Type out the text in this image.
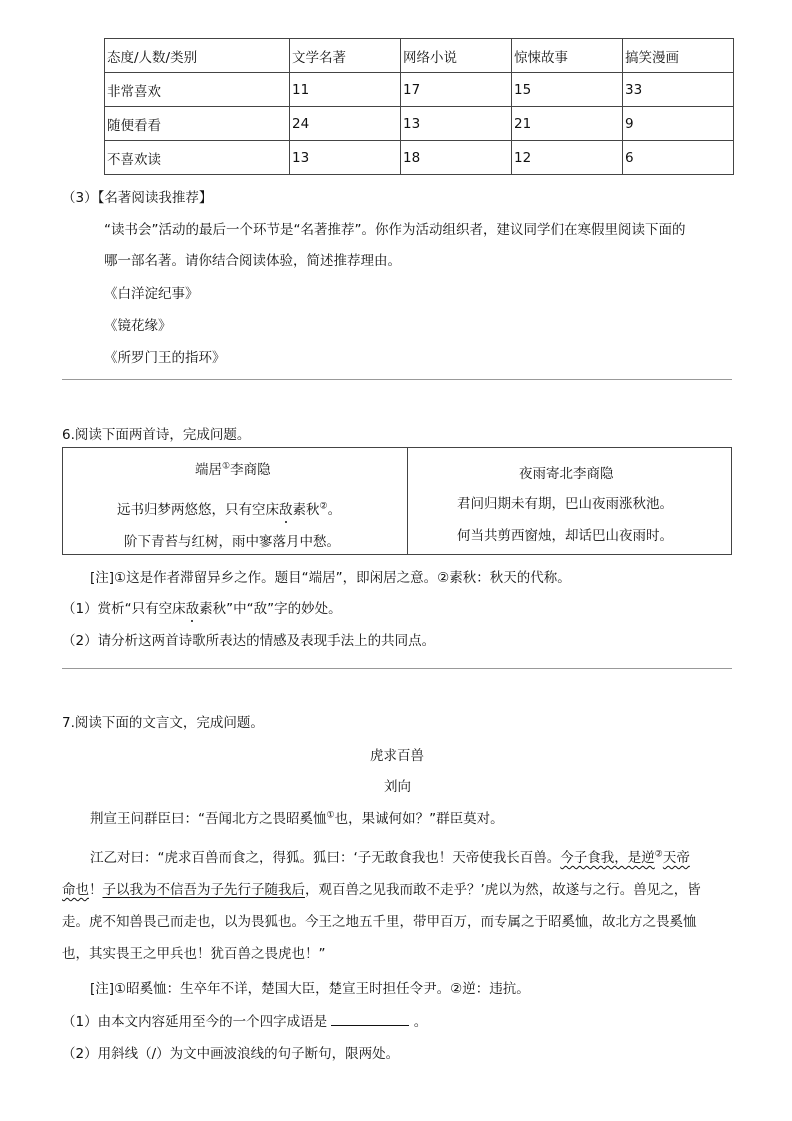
态度/人数/类别	文学名著	网络小说	惊悚故事	搞笑漫画
非常喜欢	11	17	15	33
随便看看	24	13	21	9
不喜欢读	13	18	12	6
（3）【名著阅读我推荐】
“读书会”活动的最后一个环节是“名著推荐”。你作为活动组织者，建议同学们在寒假里阅读下面的
哪一部名著。请你结合阅读体验，简述推荐理由。
《白洋淀纪事》
《镜花缘》
《所罗门王的指环》
6.阅读下面两首诗，完成问题。
端居①李商隐
远书归梦两悠悠，只有空床敌素秋②。
阶下青苔与红树，雨中寥落月中愁。
夜雨寄北李商隐
君问归期未有期，巴山夜雨涨秋池。
何当共剪西窗烛，却话巴山夜雨时。
[注]①这是作者滞留异乡之作。题目“端居”，即闲居之意。②素秋：秋天的代称。
（1）赏析“只有空床敌素秋”中“敌”字的妙处。
（2）请分析这两首诗歌所表达的情感及表现手法上的共同点。
7.阅读下面的文言文，完成问题。
虎求百兽
刘向
荆宣王问群臣曰：“吾闻北方之畏昭奚恤①也，果诚何如？”群臣莫对。
江乙对曰：“虎求百兽而食之，得狐。狐曰：‘子无敢食我也！天帝使我长百兽。今子食我，是逆②天帝
命也！子以我为不信吾为子先行子随我后，观百兽之见我而敢不走乎？’虎以为然，故遂与之行。兽见之，皆
走。虎不知兽畏己而走也，以为畏狐也。今王之地五千里，带甲百万，而专属之于昭奚恤，故北方之畏奚恤
也，其实畏王之甲兵也！犹百兽之畏虎也！”
[注]①昭奚恤：生卒年不详，楚国大臣，楚宣王时担任令尹。②逆：违抗。
（1）由本文内容延用至今的一个四字成语是	。
（2）用斜线（/）为文中画波浪线的句子断句，限两处。
